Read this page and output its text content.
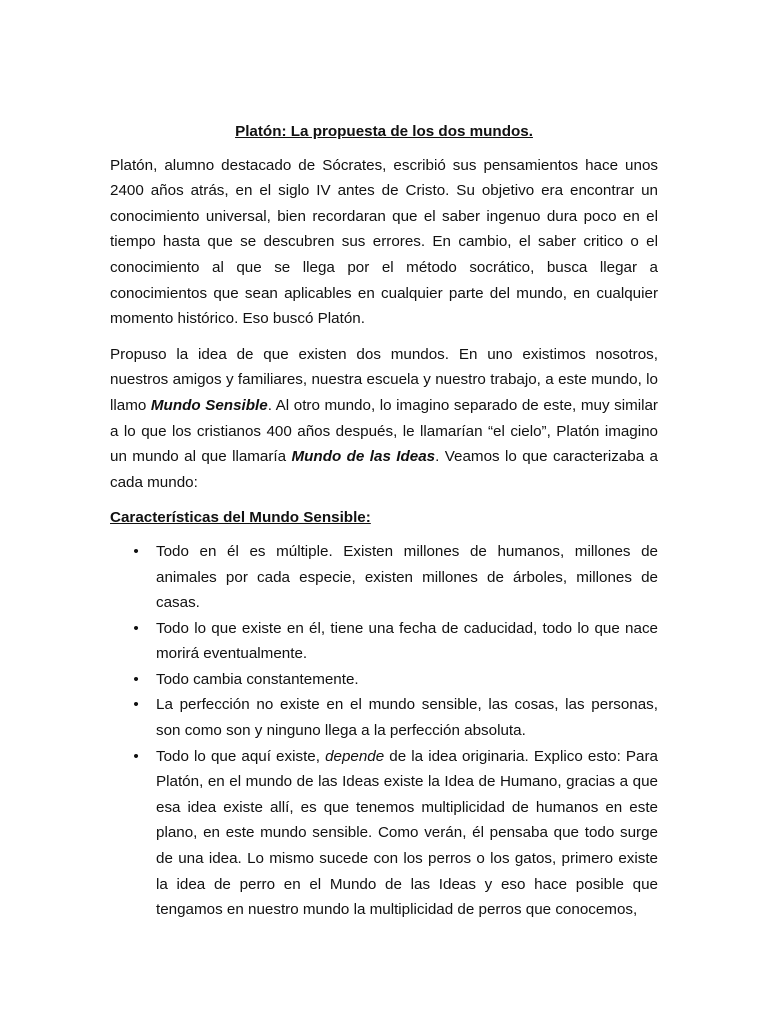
Platón: La propuesta de los dos mundos.

Platón, alumno destacado de Sócrates, escribió sus pensamientos hace unos 2400 años atrás, en el siglo IV antes de Cristo. Su objetivo era encontrar un conocimiento universal, bien recordaran que el saber ingenuo dura poco en el tiempo hasta que se descubren sus errores. En cambio, el saber critico o el conocimiento al que se llega por el método socrático, busca llegar a conocimientos que sean aplicables en cualquier parte del mundo, en cualquier momento histórico. Eso buscó Platón.

Propuso la idea de que existen dos mundos. En uno existimos nosotros, nuestros amigos y familiares, nuestra escuela y nuestro trabajo, a este mundo, lo llamo Mundo Sensible. Al otro mundo, lo imagino separado de este, muy similar a lo que los cristianos 400 años después, le llamarían “el cielo”, Platón imagino un mundo al que llamaría Mundo de las Ideas. Veamos lo que caracterizaba a cada mundo:

Características del Mundo Sensible:
• Todo en él es múltiple. Existen millones de humanos, millones de animales por cada especie, existen millones de árboles, millones de casas.
• Todo lo que existe en él, tiene una fecha de caducidad, todo lo que nace morirá eventualmente.
• Todo cambia constantemente.
• La perfección no existe en el mundo sensible, las cosas, las personas, son como son y ninguno llega a la perfección absoluta.
• Todo lo que aquí existe, depende de la idea originaria. Explico esto: Para Platón, en el mundo de las Ideas existe la Idea de Humano, gracias a que esa idea existe allí, es que tenemos multiplicidad de humanos en este plano, en este mundo sensible. Como verán, él pensaba que todo surge de una idea. Lo mismo sucede con los perros o los gatos, primero existe la idea de perro en el Mundo de las Ideas y eso hace posible que tengamos en nuestro mundo la multiplicidad de perros que conocemos,
